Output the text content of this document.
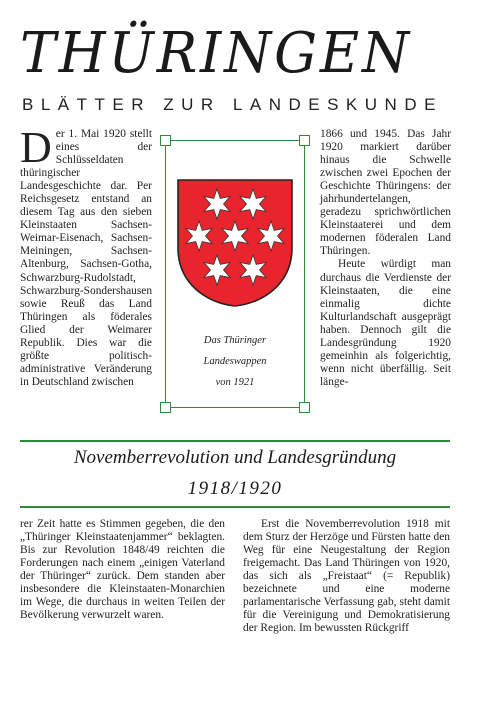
THÜRINGEN
BLÄTTER ZUR LANDESKUNDE
D er 1. Mai 1920 stellt eines der Schlüsseldaten thüringischer Landesgeschichte dar. Per Reichsgesetz entstand an diesem Tag aus den sieben Kleinstaaten Sachsen-Weimar-Eisenach, Sachsen-Meiningen, Sachsen-Altenburg, Sachsen-Gotha, Schwarzburg-Rudolstadt, Schwarzburg-Sondershausen sowie Reuß das Land Thüringen als föderales Glied der Weimarer Republik. Dies war die größte politisch-administrative Veränderung in Deutschland zwischen

1866 und 1945. Das Jahr 1920 markiert darüber hinaus die Schwelle zwischen zwei Epochen der Geschichte Thüringens: der jahrhundertelangen, geradezu sprichwörtlichen Kleinstaaterei und dem modernen föderalen Land Thüringen.

Heute würdigt man durchaus die Verdienste der Kleinstaaten, die eine einmalig dichte Kulturlandschaft ausgeprägt haben. Dennoch gilt die Landesgründung 1920 gemeinhin als folgerichtig, wenn nicht überfällig. Seit länge-

Das Thüringer
Landeswappen
von 1921
Novemberrevolution und Landesgründung
1918/1920

rer Zeit hatte es Stimmen gegeben, die den „Thüringer Kleinstaatenjammer“ beklagten. Bis zur Revolution 1848/49 reichten die Forderungen nach einem „einigen Vaterland der Thüringer“ zurück. Dem standen aber insbesondere die Kleinstaaten-Monarchien im Wege, die durchaus in weiten Teilen der Bevölkerung verwurzelt waren.

Erst die Novemberrevolution 1918 mit dem Sturz der Herzöge und Fürsten hatte den Weg für eine Neugestaltung der Region freigemacht. Das Land Thüringen von 1920, das sich als „Freistaat“ (= Republik) bezeichnete und eine moderne parlamentarische Verfassung gab, steht damit für die Vereinigung und Demokratisierung der Region. Im bewussten Rückgriff
